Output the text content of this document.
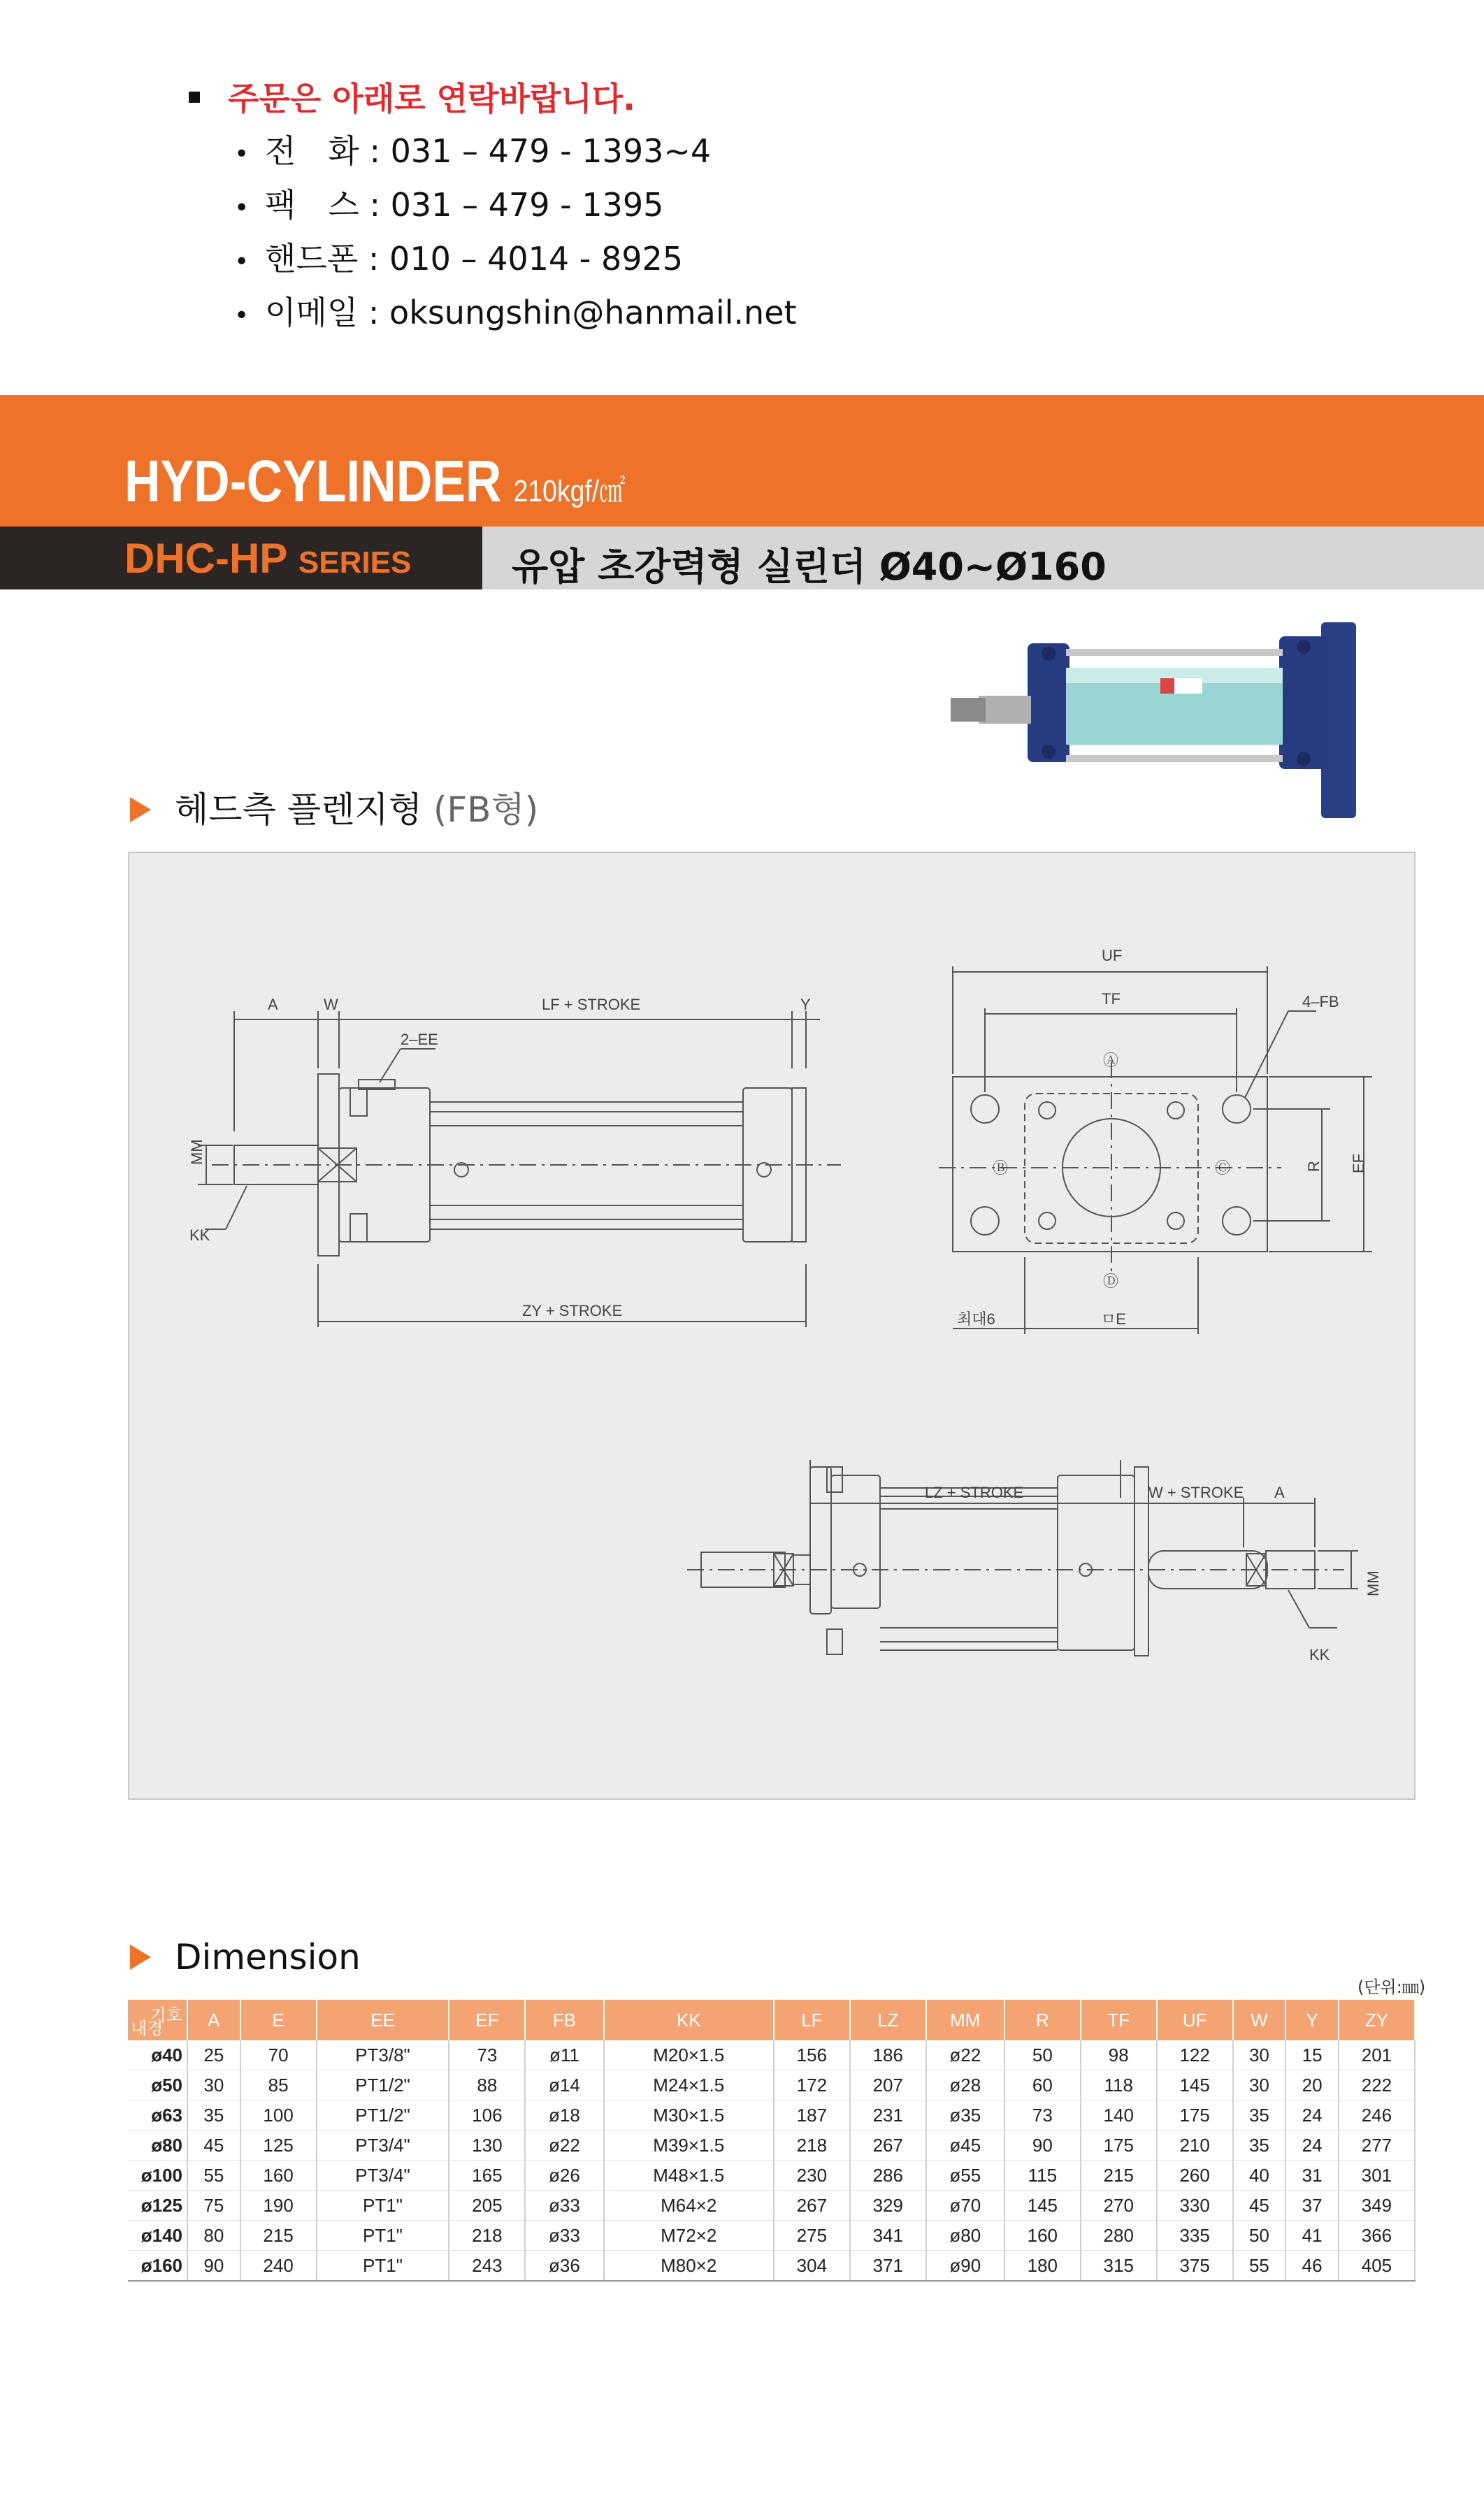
주문은 아래로 연락바랍니다.
• 전　화 : 031 – 479 - 1393~4
• 팩　스 : 031 – 479 - 1395
• 핸드폰 : 010 – 4014 - 8925
• 이메일 : oksungshin@hanmail.net
HYD-CYLINDER 210kgf/㎠
DHC-HP SERIES	유압 초강력형 실린더 Ø40~Ø160
헤드측 플렌지형 (FB형)
A	W	LF + STROKE	Y
2–EE
MM
KK
ZY + STROKE
UF
TF	4–FB
R EF
최대6	ㅁE
Ⓐ
Ⓑ	Ⓒ
Ⓓ
LZ + STROKE	W + STROKE A
MM
KK
Dimension
(단위:㎜)
기호
내경	A	E	EE	EF	FB	KK	LF	LZ	MM	R	TF	UF	W	Y	ZY
ø40	25	70	PT3/8"	73	ø11	M20×1.5	156	186	ø22	50	98	122	30	15	201
ø50	30	85	PT1/2"	88	ø14	M24×1.5	172	207	ø28	60	118	145	30	20	222
ø63	35	100	PT1/2"	106	ø18	M30×1.5	187	231	ø35	73	140	175	35	24	246
ø80	45	125	PT3/4"	130	ø22	M39×1.5	218	267	ø45	90	175	210	35	24	277
ø100	55	160	PT3/4"	165	ø26	M48×1.5	230	286	ø55	115	215	260	40	31	301
ø125	75	190	PT1"	205	ø33	M64×2	267	329	ø70	145	270	330	45	37	349
ø140	80	215	PT1"	218	ø33	M72×2	275	341	ø80	160	280	335	50	41	366
ø160	90	240	PT1"	243	ø36	M80×2	304	371	ø90	180	315	375	55	46	405
